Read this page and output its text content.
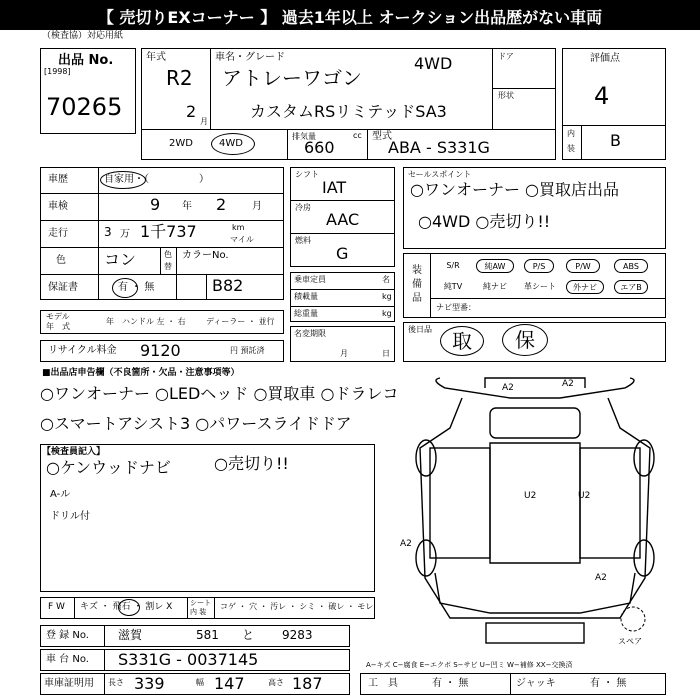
【 売切りEXコーナー 】 過去1年以上 オークション出品歴がない車両
（検査協）対応用紙
出品 No.
[1998]
70265
年式
R2
2
月
車名・グレード
アトレーワゴン
4WD
カスタムRSリミテッドSA3
ドア
形状
2WD	4WD
排気量
660
cc 型式
ABA - S331G
評価点
4
内
装 B
車歴	自家用・（　　　　　）
車検	9 年 2	月
走行	3 万 1千737	km
マイル
色 コン	色
替
カラーNo.
B82
保証書	有 ・ 無
モデル
年　式
年 ハンドル 左 ・ 右	ディーラー ・ 並行
リサイクル料金 9120	円 預託済
シフト
IAT
冷房
AAC
燃料
G
乗車定員	名
積載量	kg
総重量	kg
名変期限
月	日
セールスポイント
○ワンオーナー ○買取店出品
○4WD ○売切り!!
装
備
品
S/R	純AW	P/S	P/W	ABS
純TV	純ナビ	革シート	外ナビ	エアB
ナビ型番：
後日品 取 保
■出品店申告欄（不良箇所・欠品・注意事項等）
○ワンオーナー ○LEDヘッド ○買取車 ○ドラレコ
○スマートアシスト3 ○パワースライドドア
【検査員記入】
○ケンウッドナビ	○売切り!!
A-ル
ドリル付
A2	A2
U2	U2
A2
A2
スペア
F W キズ ・ 飛石 ・ 割レ X	シート
内 装
コゲ ・ 穴 ・ 汚レ ・ シミ ・ 破レ ・ モレ
登 録 No. 滋賀	581 と 9283
車 台 No. S331G - 0037145	A−キズ C−腐食 E−エクボ S−サビ U−凹ミ W−補修 XX−交換済
車庫証明用 長さ 339	幅 147	高さ 187	工　具	有 ・ 無	ジャッキ	有 ・ 無
